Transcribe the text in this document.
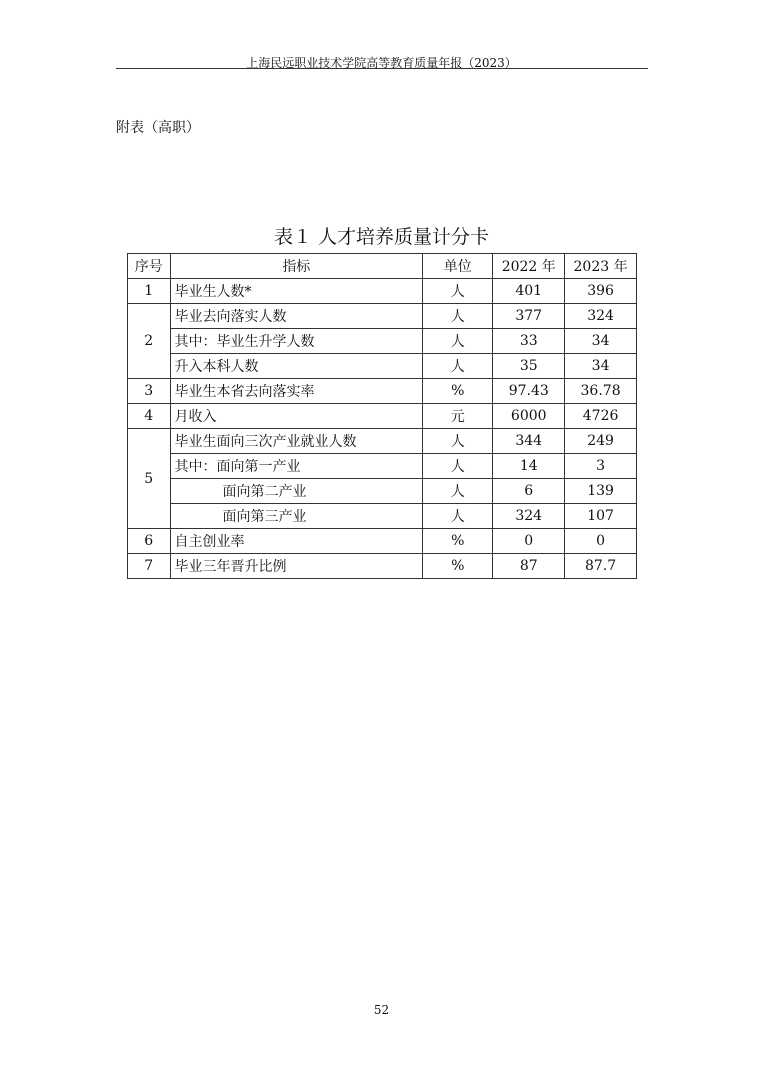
上海民远职业技术学院高等教育质量年报（2023）
附表（高职）
表１ 人才培养质量计分卡
序号	指标	单位	2022 年	2023 年
1	毕业生人数*	人	401	396
2	毕业去向落实人数	人	377	324
	其中：毕业生升学人数	人	33	34
	升入本科人数	人	35	34
3	毕业生本省去向落实率	%	97.43	36.78
4	月收入	元	6000	4726
5	毕业生面向三次产业就业人数	人	344	249
	其中：面向第一产业	人	14	3
	面向第二产业	人	6	139
	面向第三产业	人	324	107
6	自主创业率	%	0	0
7	毕业三年晋升比例	%	87	87.7
52
